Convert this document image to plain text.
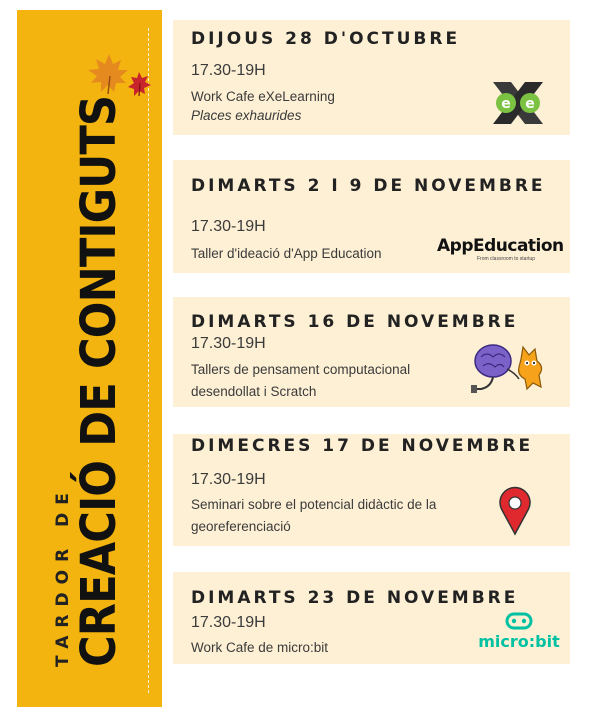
TARDOR DE
CREACIÓ DE CONTIGUTS
DIJOUS 28 D'OCTUBRE
17.30-19H
Work Cafe eXeLearning
Places exhaurides
e e
DIMARTS 2 I 9 DE NOVEMBRE
17.30-19H
Taller d'ideació d'App Education	AppEducation
From classroom to startup
DIMARTS 16 DE NOVEMBRE
17.30-19H
Tallers de pensament computacional
desendollat i Scratch
DIMECRES 17 DE NOVEMBRE
17.30-19H
Seminari sobre el potencial didàctic de la
georeferenciació
DIMARTS 23 DE NOVEMBRE
17.30-19H
Work Cafe de micro:bit	micro:bit
